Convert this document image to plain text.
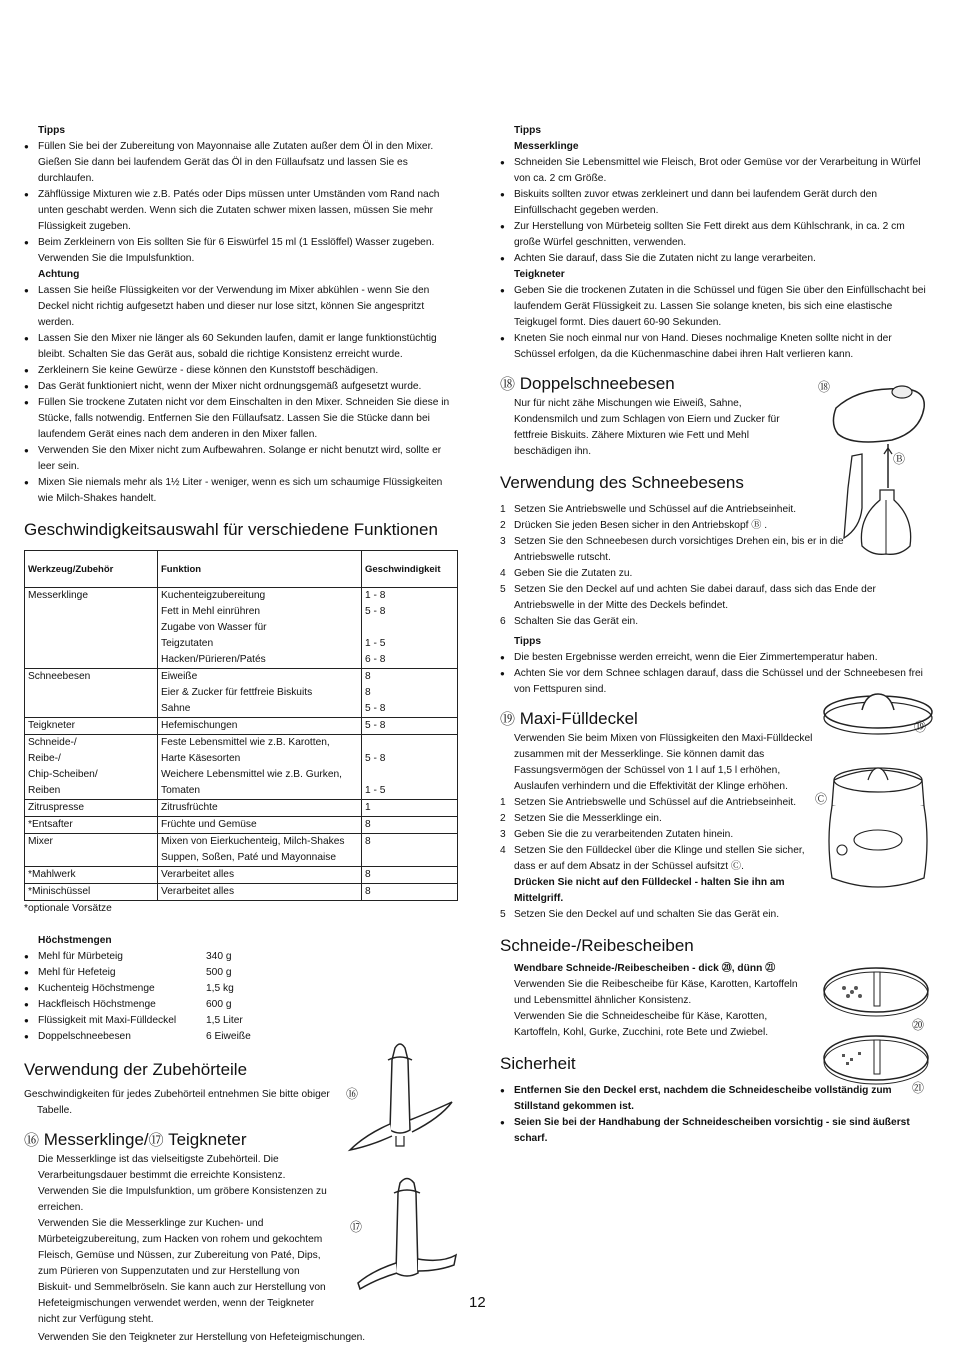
Tipps

● Füllen Sie bei der Zubereitung von Mayonnaise alle Zutaten außer dem Öl in den Mixer. Gießen Sie dann bei laufendem Gerät das Öl in den Füllaufsatz und lassen Sie es durchlaufen.
● Zähflüssige Mixturen wie z.B. Patés oder Dips müssen unter Umständen vom Rand nach unten geschabt werden. Wenn sich die Zutaten schwer mixen lassen, müssen Sie mehr Flüssigkeit zugeben.
● Beim Zerkleinern von Eis sollten Sie für 6 Eiswürfel 15 ml (1 Esslöffel) Wasser zugeben. Verwenden Sie die Impulsfunktion.

Achtung

● Lassen Sie heiße Flüssigkeiten vor der Verwendung im Mixer abkühlen - wenn Sie den Deckel nicht richtig aufgesetzt haben und dieser nur lose sitzt, können Sie angespritzt werden.
● Lassen Sie den Mixer nie länger als 60 Sekunden laufen, damit er lange funktionstüchtig bleibt. Schalten Sie das Gerät aus, sobald die richtige Konsistenz erreicht wurde.
● Zerkleinern Sie keine Gewürze - diese können den Kunststoff beschädigen.
● Das Gerät funktioniert nicht, wenn der Mixer nicht ordnungsgemäß aufgesetzt wurde.
● Füllen Sie trockene Zutaten nicht vor dem Einschalten in den Mixer. Schneiden Sie diese in Stücke, falls notwendig. Entfernen Sie den Füllaufsatz. Lassen Sie die Stücke dann bei laufendem Gerät eines nach dem anderen in den Mixer fallen.
● Verwenden Sie den Mixer nicht zum Aufbewahren. Solange er nicht benutzt wird, sollte er leer sein.
● Mixen Sie niemals mehr als 1½ Liter - weniger, wenn es sich um schaumige Flüssigkeiten wie Milch-Shakes handelt.
Geschwindigkeitsauswahl für verschiedene Funktionen
Werkzeug/Zubehör	Funktion	Geschwindigkeit
Messerklinge	Kuchenteigzubereitung	1 - 8
	Fett in Mehl einrühren	5 - 8
	Zugabe von Wasser für	
	Teigzutaten	1 - 5
	Hacken/Pürieren/Patés	6 - 8
Schneebesen	Eiweiße	8
	Eier & Zucker für fettfreie Biskuits	8
	Sahne	5 - 8
Teigkneter	Hefemischungen	5 - 8
Schneide-/	Feste Lebensmittel wie z.B. Karotten,	
Reibe-/	Harte Käsesorten	5 - 8
Chip-Scheiben/	Weichere Lebensmittel wie z.B. Gurken,	
Reiben	Tomaten	1 - 5
Zitruspresse	Zitrusfrüchte	1
*Entsafter	Früchte und Gemüse	8
Mixer	Mixen von Eierkuchenteig, Milch-Shakes	8
	Suppen, Soßen, Paté und Mayonnaise	
*Mahlwerk	Verarbeitet alles	8
*Minischüssel	Verarbeitet alles	8

*optionale Vorsätze

Höchstmengen

● Mehl für Mürbeteig	340 g
● Mehl für Hefeteig	500 g
● Kuchenteig Höchstmenge	1,5 kg
● Hackfleisch Höchstmenge	600 g
● Flüssigkeit mit Maxi-Fülldeckel	1,5 Liter
● Doppelschneebesen	6 Eiweiße
Verwendung der Zubehörteile

Geschwindigkeiten für jedes Zubehörteil entnehmen Sie bitte obiger Tabelle.

⑯ Messerklinge/⑰ Teigkneter

Die Messerklinge ist das vielseitigste Zubehörteil. Die Verarbeitungsdauer bestimmt die erreichte Konsistenz. Verwenden Sie die Impulsfunktion, um gröbere Konsistenzen zu erreichen.

Verwenden Sie die Messerklinge zur Kuchen- und Mürbeteigzubereitung, zum Hacken von rohem und gekochtem Fleisch, Gemüse und Nüssen, zur Zubereitung von Paté, Dips, zum Pürieren von Suppenzutaten und zur Herstellung von Biskuit- und Semmelbröseln. Sie kann auch zur Herstellung von Hefeteigmischungen verwendet werden, wenn der Teigkneter nicht zur Verfügung steht.

Verwenden Sie den Teigkneter zur Herstellung von Hefeteigmischungen.

⑯
⑰

Tipps

Messerklinge

● Schneiden Sie Lebensmittel wie Fleisch, Brot oder Gemüse vor der Verarbeitung in Würfel von ca. 2 cm Größe.
● Biskuits sollten zuvor etwas zerkleinert und dann bei laufendem Gerät durch den Einfüllschacht gegeben werden.
● Zur Herstellung von Mürbeteig sollten Sie Fett direkt aus dem Kühlschrank, in ca. 2 cm große Würfel geschnitten, verwenden.
● Achten Sie darauf, dass Sie die Zutaten nicht zu lange verarbeiten.

Teigkneter

● Geben Sie die trockenen Zutaten in die Schüssel und fügen Sie über den Einfüllschacht bei laufendem Gerät Flüssigkeit zu. Lassen Sie solange kneten, bis sich eine elastische Teigkugel formt. Dies dauert 60-90 Sekunden.
● Kneten Sie noch einmal nur von Hand. Dieses nochmalige Kneten sollte nicht in der Schüssel erfolgen, da die Küchenmaschine dabei ihren Halt verlieren kann.
⑱ Doppelschneebesen

Nur für nicht zähe Mischungen wie Eiweiß, Sahne, Kondensmilch und zum Schlagen von Eiern und Zucker für fettfreie Biskuits. Zähere Mixturen wie Fett und Mehl beschädigen ihn.

Verwendung des Schneebesens
1 Setzen Sie Antriebswelle und Schüssel auf die Antriebseinheit.
2 Drücken Sie jeden Besen sicher in den Antriebskopf Ⓑ .
3 Setzen Sie den Schneebesen durch vorsichtiges Drehen ein, bis er in die Antriebswelle rutscht.
4 Geben Sie die Zutaten zu.
5 Setzen Sie den Deckel auf und achten Sie dabei darauf, dass sich das Ende der Antriebswelle in der Mitte des Deckels befindet.
6 Schalten Sie das Gerät ein.

Tipps

● Die besten Ergebnisse werden erreicht, wenn die Eier Zimmertemperatur haben.
● Achten Sie vor dem Schnee schlagen darauf, dass die Schüssel und der Schneebesen frei von Fettspuren sind.
⑲ Maxi-Fülldeckel

Verwenden Sie beim Mixen von Flüssigkeiten den Maxi-Fülldeckel zusammen mit der Messerklinge. Sie können damit das Fassungsvermögen der Schüssel von 1 l auf 1,5 l erhöhen, Auslaufen verhindern und die Effektivität der Klinge erhöhen.

1 Setzen Sie Antriebswelle und Schüssel auf die Antriebseinheit.
2 Setzen Sie die Messerklinge ein.
3 Geben Sie die zu verarbeitenden Zutaten hinein.
4 Setzen Sie den Fülldeckel über die Klinge und stellen Sie sicher, dass er auf dem Absatz in der Schüssel aufsitzt Ⓒ.

Drücken Sie nicht auf den Fülldeckel - halten Sie ihn am Mittelgriff.

5 Setzen Sie den Deckel auf und schalten Sie das Gerät ein.
Schneide-/Reibescheiben

Wendbare Schneide-/Reibescheiben - dick ⑳, dünn ㉑

Verwenden Sie die Reibescheibe für Käse, Karotten, Kartoffeln und Lebensmittel ähnlicher Konsistenz.

Verwenden Sie die Schneidescheibe für Käse, Karotten, Kartoffeln, Kohl, Gurke, Zucchini, rote Bete und Zwiebel.

Sicherheit
● Entfernen Sie den Deckel erst, nachdem die Schneidescheibe vollständig zum Stillstand gekommen ist.
● Seien Sie bei der Handhabung der Schneidescheiben vorsichtig - sie sind äußerst scharf.
⑱
Ⓑ
⑲
Ⓒ
⑳
㉑
12
